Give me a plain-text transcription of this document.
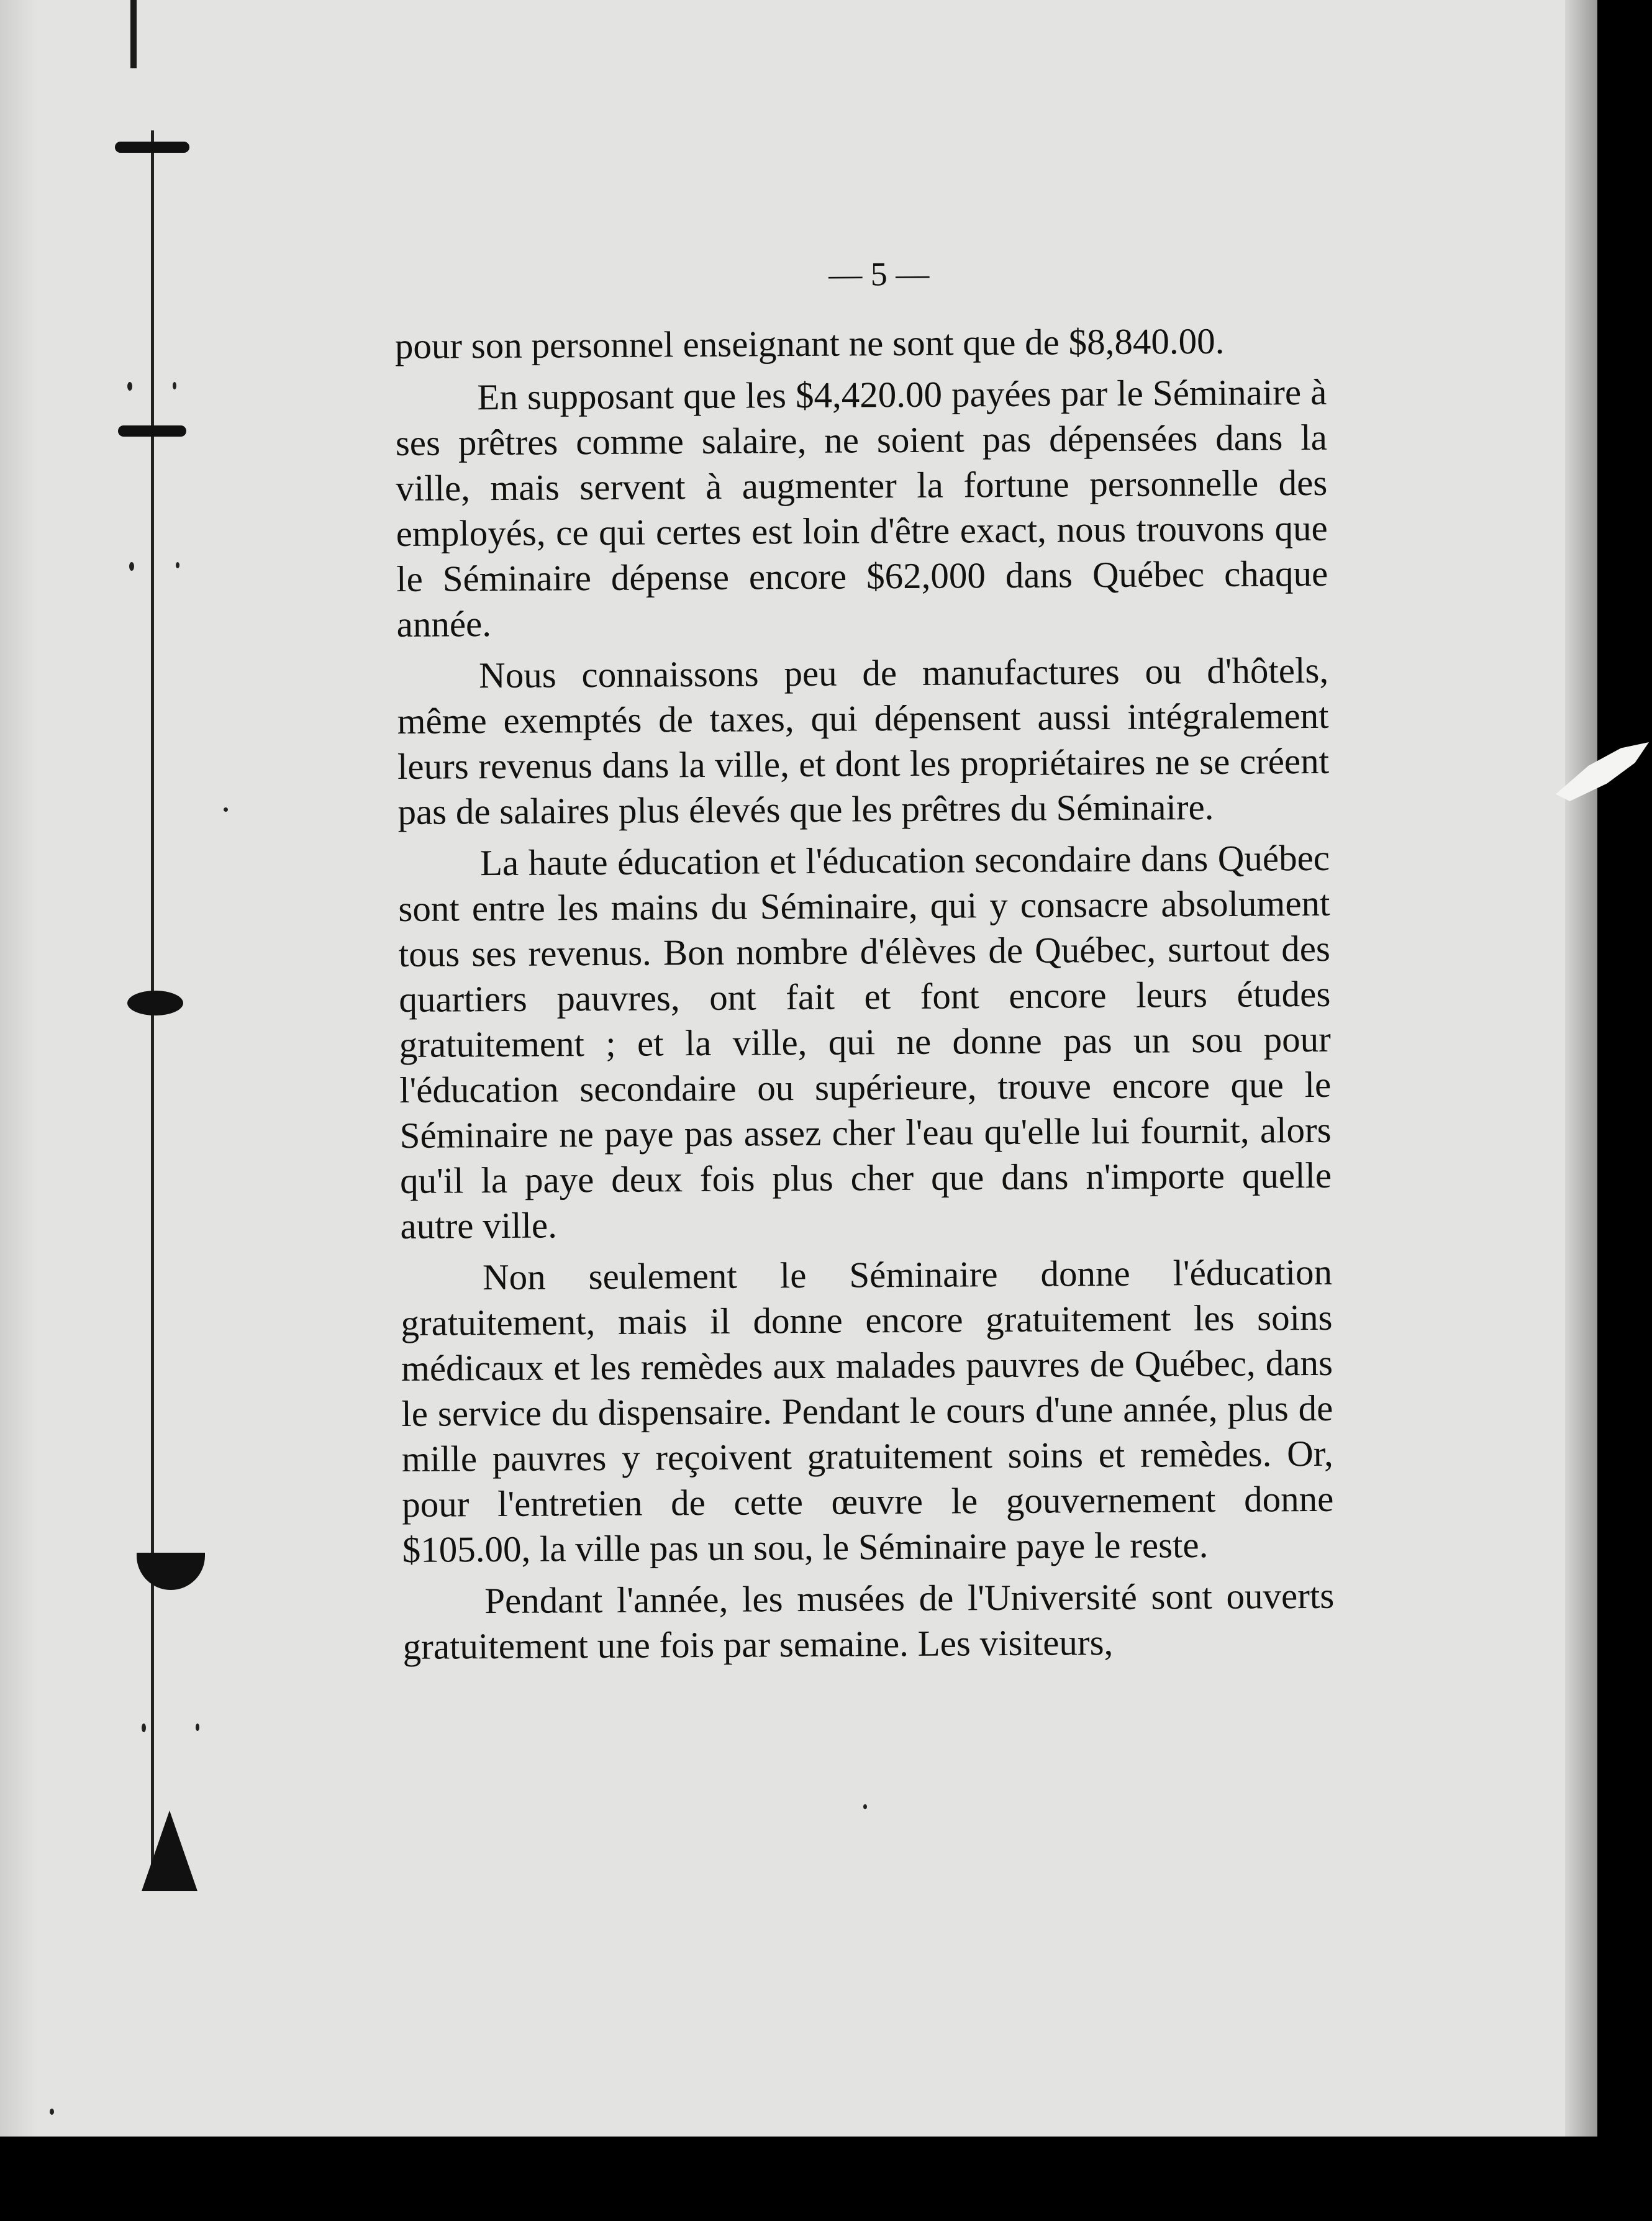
— 5 —

pour son personnel enseignant ne sont que de $8,840.00.

En supposant que les $4,420.00 payées par le Séminaire à ses prêtres comme salaire, ne soient pas dépensées dans la ville, mais servent à augmenter la fortune personnelle des employés, ce qui certes est loin d'être exact, nous trouvons que le Séminaire dépense encore $62,000 dans Québec chaque année.

Nous connaissons peu de manufactures ou d'hôtels, même exemptés de taxes, qui dépensent aussi intégralement leurs revenus dans la ville, et dont les propriétaires ne se créent pas de salaires plus élevés que les prêtres du Séminaire.

La haute éducation et l'éducation secondaire dans Québec sont entre les mains du Séminaire, qui y consacre absolument tous ses revenus. Bon nombre d'élèves de Québec, surtout des quartiers pauvres, ont fait et font encore leurs études gratuitement ; et la ville, qui ne donne pas un sou pour l'éducation secondaire ou supérieure, trouve encore que le Séminaire ne paye pas assez cher l'eau qu'elle lui fournit, alors qu'il la paye deux fois plus cher que dans n'importe quelle autre ville.

Non seulement le Séminaire donne l'éducation gratuitement, mais il donne encore gratuitement les soins médicaux et les remèdes aux malades pauvres de Québec, dans le service du dispensaire. Pendant le cours d'une année, plus de mille pauvres y reçoivent gratuitement soins et remèdes. Or, pour l'entretien de cette œuvre le gouvernement donne $105.00, la ville pas un sou, le Séminaire paye le reste.

Pendant l'année, les musées de l'Université sont ouverts gratuitement une fois par semaine. Les visiteurs,
